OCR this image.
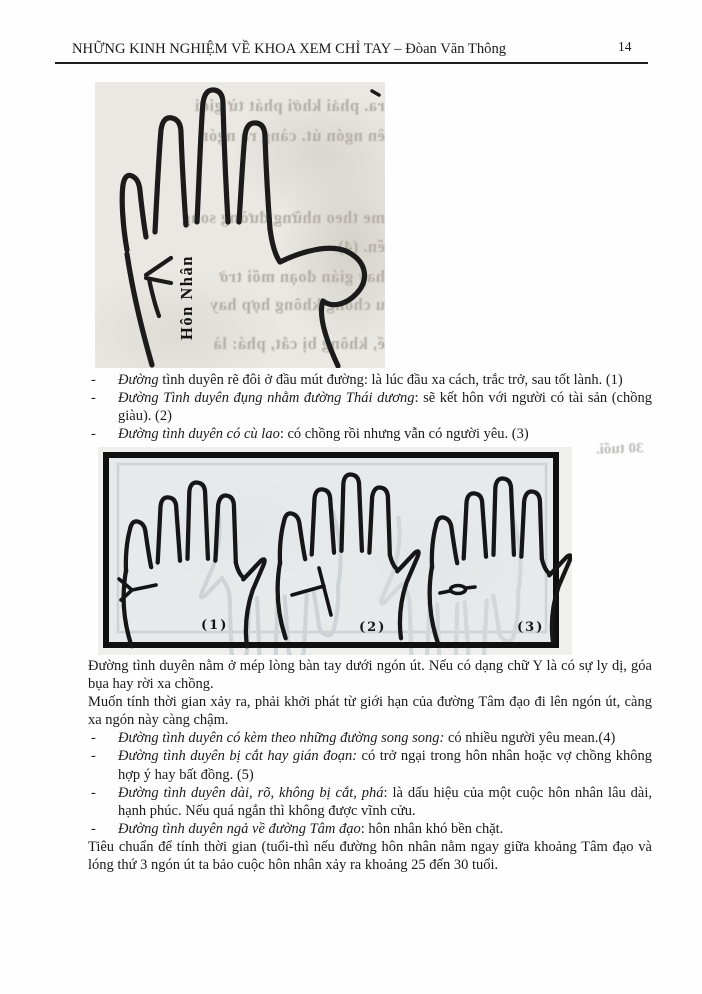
NHỮNG KINH NGHIỆM VỀ KHOA XEM CHỈ TAY – Đòan Văn Thông	14
ra. phải khởi phát từ giới
ên ngón út. càng ra ngón
me theo những đường song
ển. (4)
hay gián đoạn mối trở
u chồng không hợp hay
ế, không bị cắt, phá: là
Hôn Nhân
-	Đường tình duyên rẽ đôi ở đầu mút đường: là lúc đầu xa cách, trắc trở, sau tốt lành. (1)
-	Đường Tình duyên đụng nhằm đường Thái dương: sẽ kết hôn với người có tài sản (chồng giàu). (2)
-	Đường tình duyên có cù lao: có chồng rồi nhưng vẫn có người yêu. (3)
30 tuổi.
(1)	(2)	(3)
Đường tình duyên nằm ở mép lòng bàn tay dưới ngón út. Nếu có dạng chữ Y là có sự ly dị, góa bụa hay rời xa chồng.
Muốn tính thời gian xảy ra, phải khởi phát từ giới hạn của đường Tâm đạo đi lên ngón út, càng xa ngón này càng chậm.
-	Đường tình duyên có kèm theo những đường song song: có nhiều người yêu mean.(4)
-	Đường tình duyên bị cắt hay gián đoạn: có trở ngại trong hôn nhân hoặc vợ chồng không hợp ý hay bất đồng. (5)
-	Đường tình duyên dài, rõ, không bị cắt, phá: là dấu hiệu của một cuộc hôn nhân lâu dài, hạnh phúc. Nếu quá ngắn thì không được vĩnh cửu.
-	Đường tình duyên ngả về đường Tâm đạo: hôn nhân khó bền chặt.
Tiêu chuẩn để tính thời gian (tuổi-thì nếu đường hôn nhân nằm ngay giữa khoảng Tâm đạo và lóng thứ 3 ngón út ta bảo cuộc hôn nhân xảy ra khoảng 25 đến 30 tuổi.
